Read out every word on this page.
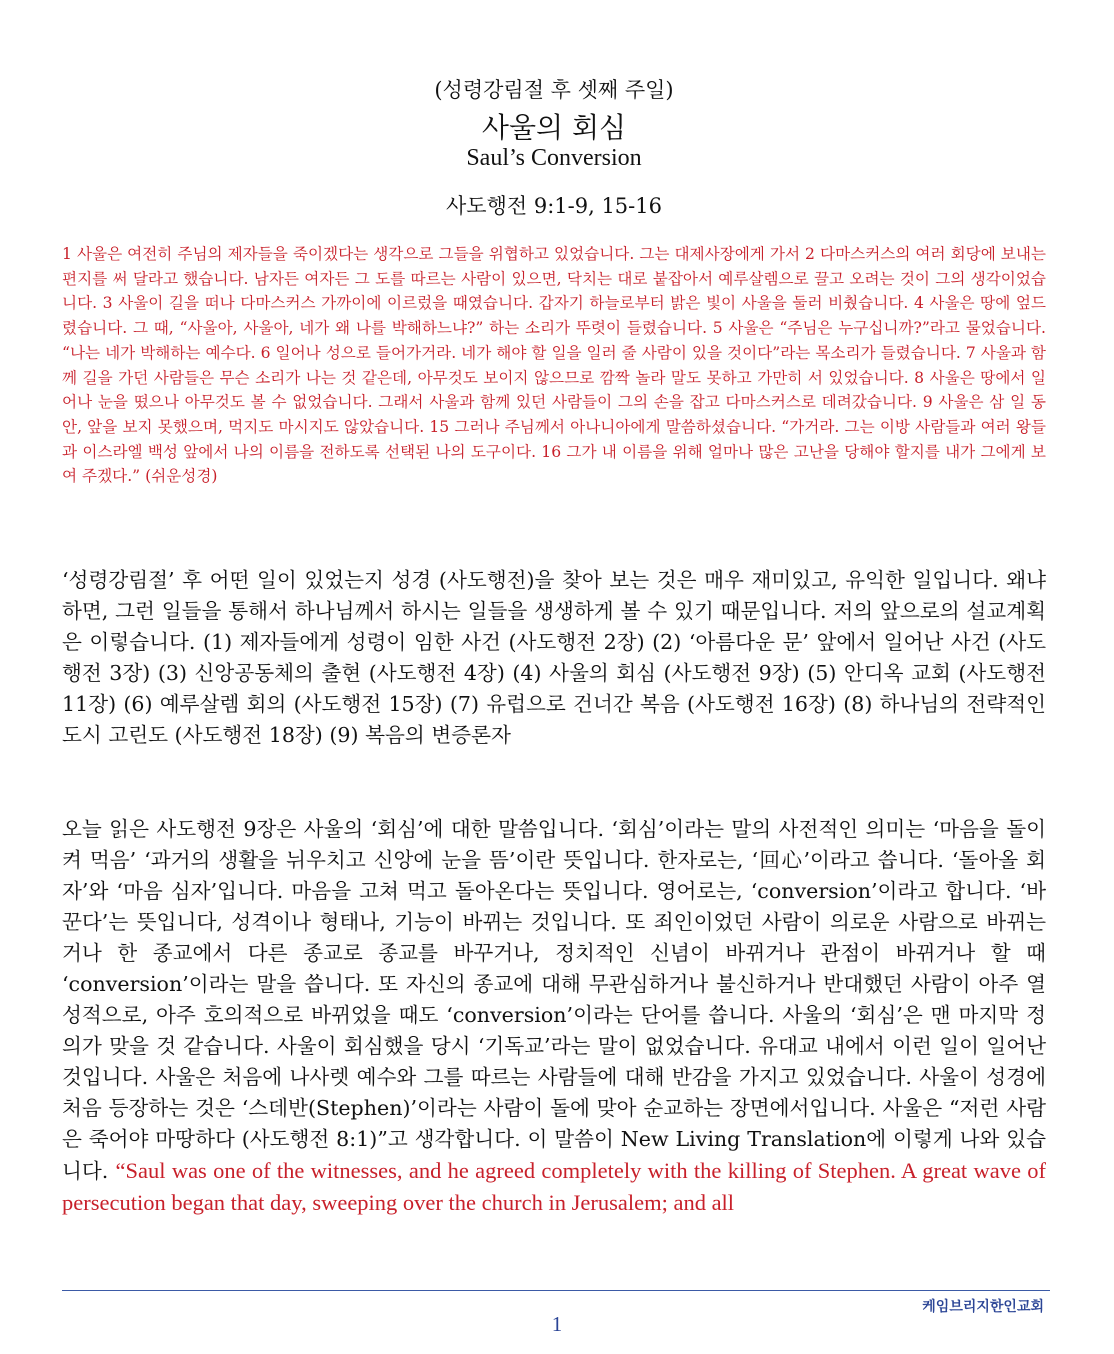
(성령강림절 후 셋째 주일)
사울의 회심
Saul’s Conversion
사도행전 9:1-9, 15-16

1 사울은 여전히 주님의 제자들을 죽이겠다는 생각으로 그들을 위협하고 있었습니다. 그는 대제사장에게 가서 2 다마스커스의 여러 회당에 보내는 편지를 써 달라고 했습니다. 남자든 여자든 그 도를 따르는 사람이 있으면, 닥치는 대로 붙잡아서 예루살렘으로 끌고 오려는 것이 그의 생각이었습니다. 3 사울이 길을 떠나 다마스커스 가까이에 이르렀을 때였습니다. 갑자기 하늘로부터 밝은 빛이 사울을 둘러 비췄습니다. 4 사울은 땅에 엎드렸습니다. 그 때, “사울아, 사울아, 네가 왜 나를 박해하느냐?” 하는 소리가 뚜렷이 들렸습니다. 5 사울은 “주님은 누구십니까?”라고 물었습니다. “나는 네가 박해하는 예수다. 6 일어나 성으로 들어가거라. 네가 해야 할 일을 일러 줄 사람이 있을 것이다”라는 목소리가 들렸습니다. 7 사울과 함께 길을 가던 사람들은 무슨 소리가 나는 것 같은데, 아무것도 보이지 않으므로 깜짝 놀라 말도 못하고 가만히 서 있었습니다. 8 사울은 땅에서 일어나 눈을 떴으나 아무것도 볼 수 없었습니다. 그래서 사울과 함께 있던 사람들이 그의 손을 잡고 다마스커스로 데려갔습니다. 9 사울은 삼 일 동안, 앞을 보지 못했으며, 먹지도 마시지도 않았습니다. 15 그러나 주님께서 아나니아에게 말씀하셨습니다. “가거라. 그는 이방 사람들과 여러 왕들과 이스라엘 백성 앞에서 나의 이름을 전하도록 선택된 나의 도구이다. 16 그가 내 이름을 위해 얼마나 많은 고난을 당해야 할지를 내가 그에게 보여 주겠다.” (쉬운성경)

‘성령강림절’ 후 어떤 일이 있었는지 성경 (사도행전)을 찾아 보는 것은 매우 재미있고, 유익한 일입니다. 왜냐하면, 그런 일들을 통해서 하나님께서 하시는 일들을 생생하게 볼 수 있기 때문입니다. 저의 앞으로의 설교계획은 이렇습니다. (1) 제자들에게 성령이 임한 사건 (사도행전 2장) (2) ‘아름다운 문’ 앞에서 일어난 사건 (사도행전 3장) (3) 신앙공동체의 출현 (사도행전 4장) (4) 사울의 회심 (사도행전 9장) (5) 안디옥 교회 (사도행전 11장) (6) 예루살렘 회의 (사도행전 15장) (7) 유럽으로 건너간 복음 (사도행전 16장) (8) 하나님의 전략적인 도시 고린도 (사도행전 18장) (9) 복음의 변증론자

오늘 읽은 사도행전 9장은 사울의 ‘회심’에 대한 말씀입니다. ‘회심’이라는 말의 사전적인 의미는 ‘마음을 돌이켜 먹음’ ‘과거의 생활을 뉘우치고 신앙에 눈을 뜸’이란 뜻입니다. 한자로는, ‘回心’이라고 씁니다. ‘돌아올 회자’와 ‘마음 심자’입니다. 마음을 고쳐 먹고 돌아온다는 뜻입니다. 영어로는, ‘conversion’이라고 합니다. ‘바꾼다’는 뜻입니다, 성격이나 형태나, 기능이 바뀌는 것입니다. 또 죄인이었던 사람이 의로운 사람으로 바뀌는 거나 한 종교에서 다른 종교로 종교를 바꾸거나, 정치적인 신념이 바뀌거나 관점이 바뀌거나 할 때 ‘conversion’이라는 말을 씁니다. 또 자신의 종교에 대해 무관심하거나 불신하거나 반대했던 사람이 아주 열성적으로, 아주 호의적으로 바뀌었을 때도 ‘conversion’이라는 단어를 씁니다. 사울의 ‘회심’은 맨 마지막 정의가 맞을 것 같습니다. 사울이 회심했을 당시 ‘기독교’라는 말이 없었습니다. 유대교 내에서 이런 일이 일어난 것입니다. 사울은 처음에 나사렛 예수와 그를 따르는 사람들에 대해 반감을 가지고 있었습니다. 사울이 성경에 처음 등장하는 것은 ‘스데반(Stephen)’이라는 사람이 돌에 맞아 순교하는 장면에서입니다. 사울은 “저런 사람은 죽어야 마땅하다 (사도행전 8:1)”고 생각합니다. 이 말씀이 New Living Translation에 이렇게 나와 있습니다. “Saul was one of the witnesses, and he agreed completely with the killing of Stephen. A great wave of persecution began that day, sweeping over the church in Jerusalem; and all

케임브리지한인교회
1
